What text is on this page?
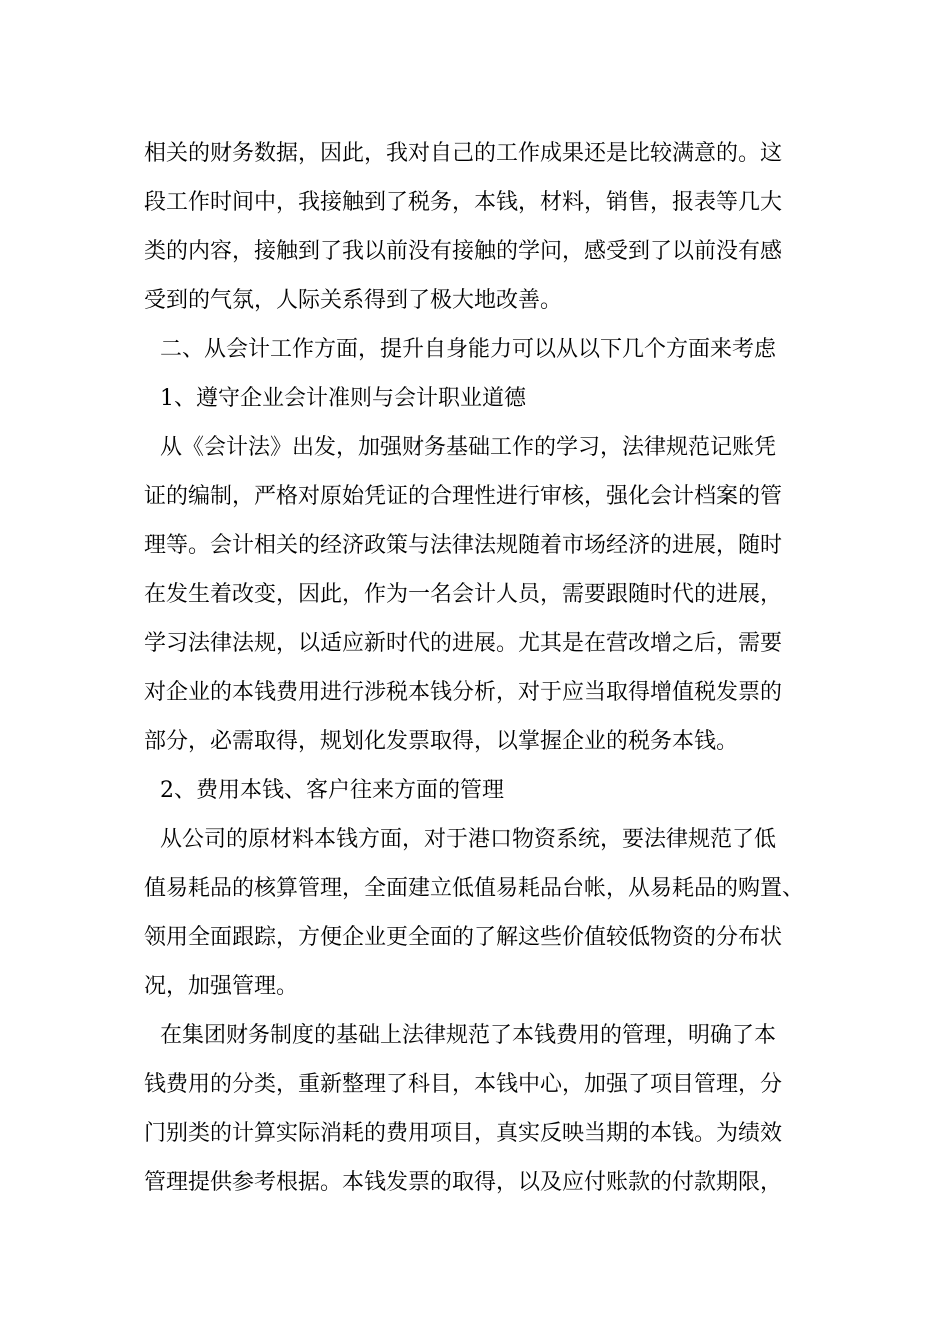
相关的财务数据，因此，我对自己的工作成果还是比较满意的。这
段工作时间中，我接触到了税务，本钱，材料，销售，报表等几大
类的内容，接触到了我以前没有接触的学问，感受到了以前没有感
受到的气氛，人际关系得到了极大地改善。
二、从会计工作方面，提升自身能力可以从以下几个方面来考虑
1、遵守企业会计准则与会计职业道德
从《会计法》出发，加强财务基础工作的学习，法律规范记账凭
证的编制，严格对原始凭证的合理性进行审核，强化会计档案的管
理等。会计相关的经济政策与法律法规随着市场经济的进展，随时
在发生着改变，因此，作为一名会计人员，需要跟随时代的进展，
学习法律法规，以适应新时代的进展。尤其是在营改增之后，需要
对企业的本钱费用进行涉税本钱分析，对于应当取得增值税发票的
部分，必需取得，规划化发票取得，以掌握企业的税务本钱。
2、费用本钱、客户往来方面的管理
从公司的原材料本钱方面，对于港口物资系统，要法律规范了低
值易耗品的核算管理，全面建立低值易耗品台帐，从易耗品的购置、
领用全面跟踪，方便企业更全面的了解这些价值较低物资的分布状
况，加强管理。
在集团财务制度的基础上法律规范了本钱费用的管理，明确了本
钱费用的分类，重新整理了科目，本钱中心，加强了项目管理，分
门别类的计算实际消耗的费用项目，真实反映当期的本钱。为绩效
管理提供参考根据。本钱发票的取得，以及应付账款的付款期限，
